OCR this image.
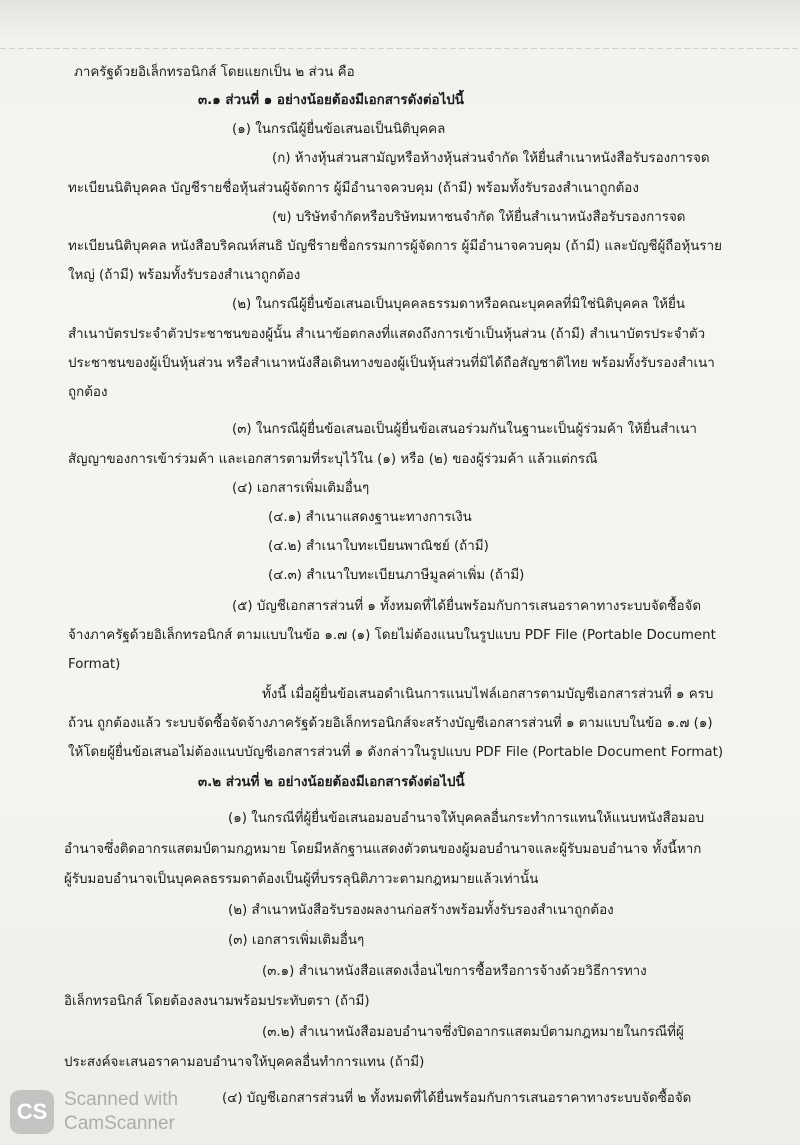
ภาครัฐด้วยอิเล็กทรอนิกส์ โดยแยกเป็น ๒ ส่วน คือ
๓.๑ ส่วนที่ ๑ อย่างน้อยต้องมีเอกสารดังต่อไปนี้
(๑) ในกรณีผู้ยื่นข้อเสนอเป็นนิติบุคคล
(ก) ห้างหุ้นส่วนสามัญหรือห้างหุ้นส่วนจำกัด ให้ยื่นสำเนาหนังสือรับรองการจด
ทะเบียนนิติบุคคล บัญชีรายชื่อหุ้นส่วนผู้จัดการ ผู้มีอำนาจควบคุม (ถ้ามี) พร้อมทั้งรับรองสำเนาถูกต้อง
(ข) บริษัทจำกัดหรือบริษัทมหาชนจำกัด ให้ยื่นสำเนาหนังสือรับรองการจด
ทะเบียนนิติบุคคล หนังสือบริคณห์สนธิ บัญชีรายชื่อกรรมการผู้จัดการ ผู้มีอำนาจควบคุม (ถ้ามี) และบัญชีผู้ถือหุ้นราย
ใหญ่ (ถ้ามี) พร้อมทั้งรับรองสำเนาถูกต้อง
(๒) ในกรณีผู้ยื่นข้อเสนอเป็นบุคคลธรรมดาหรือคณะบุคคลที่มิใช่นิติบุคคล ให้ยื่น
สำเนาบัตรประจำตัวประชาชนของผู้นั้น สำเนาข้อตกลงที่แสดงถึงการเข้าเป็นหุ้นส่วน (ถ้ามี) สำเนาบัตรประจำตัว
ประชาชนของผู้เป็นหุ้นส่วน หรือสำเนาหนังสือเดินทางของผู้เป็นหุ้นส่วนที่มิได้ถือสัญชาติไทย พร้อมทั้งรับรองสำเนา
ถูกต้อง
(๓) ในกรณีผู้ยื่นข้อเสนอเป็นผู้ยื่นข้อเสนอร่วมกันในฐานะเป็นผู้ร่วมค้า ให้ยื่นสำเนา
สัญญาของการเข้าร่วมค้า และเอกสารตามที่ระบุไว้ใน (๑) หรือ (๒) ของผู้ร่วมค้า แล้วแต่กรณี
(๔) เอกสารเพิ่มเติมอื่นๆ
(๔.๑) สำเนาแสดงฐานะทางการเงิน
(๔.๒) สำเนาใบทะเบียนพาณิชย์ (ถ้ามี)
(๔.๓) สำเนาใบทะเบียนภาษีมูลค่าเพิ่ม (ถ้ามี)
(๕) บัญชีเอกสารส่วนที่ ๑ ทั้งหมดที่ได้ยื่นพร้อมกับการเสนอราคาทางระบบจัดซื้อจัด
จ้างภาครัฐด้วยอิเล็กทรอนิกส์ ตามแบบในข้อ ๑.๗ (๑) โดยไม่ต้องแนบในรูปแบบ PDF File (Portable Document
Format)
ทั้งนี้ เมื่อผู้ยื่นข้อเสนอดำเนินการแนบไฟล์เอกสารตามบัญชีเอกสารส่วนที่ ๑ ครบ
ถ้วน ถูกต้องแล้ว ระบบจัดซื้อจัดจ้างภาครัฐด้วยอิเล็กทรอนิกส์จะสร้างบัญชีเอกสารส่วนที่ ๑ ตามแบบในข้อ ๑.๗ (๑)
ให้โดยผู้ยื่นข้อเสนอไม่ต้องแนบบัญชีเอกสารส่วนที่ ๑ ดังกล่าวในรูปแบบ PDF File (Portable Document Format)
๓.๒ ส่วนที่ ๒ อย่างน้อยต้องมีเอกสารดังต่อไปนี้
(๑) ในกรณีที่ผู้ยื่นข้อเสนอมอบอำนาจให้บุคคลอื่นกระทำการแทนให้แนบหนังสือมอบ
อำนาจซึ่งติดอากรแสตมป์ตามกฎหมาย โดยมีหลักฐานแสดงตัวตนของผู้มอบอำนาจและผู้รับมอบอำนาจ ทั้งนี้หาก
ผู้รับมอบอำนาจเป็นบุคคลธรรมดาต้องเป็นผู้ที่บรรลุนิติภาวะตามกฎหมายแล้วเท่านั้น
(๒) สำเนาหนังสือรับรองผลงานก่อสร้างพร้อมทั้งรับรองสำเนาถูกต้อง
(๓) เอกสารเพิ่มเติมอื่นๆ
(๓.๑) สำเนาหนังสือแสดงเงื่อนไขการซื้อหรือการจ้างด้วยวิธีการทาง
อิเล็กทรอนิกส์ โดยต้องลงนามพร้อมประทับตรา (ถ้ามี)
(๓.๒) สำเนาหนังสือมอบอำนาจซึ่งปิดอากรแสตมป์ตามกฎหมายในกรณีที่ผู้
ประสงค์จะเสนอราคามอบอำนาจให้บุคคลอื่นทำการแทน (ถ้ามี)
(๔) บัญชีเอกสารส่วนที่ ๒ ทั้งหมดที่ได้ยื่นพร้อมกับการเสนอราคาทางระบบจัดซื้อจัด
CS Scanned with
CamScanner
